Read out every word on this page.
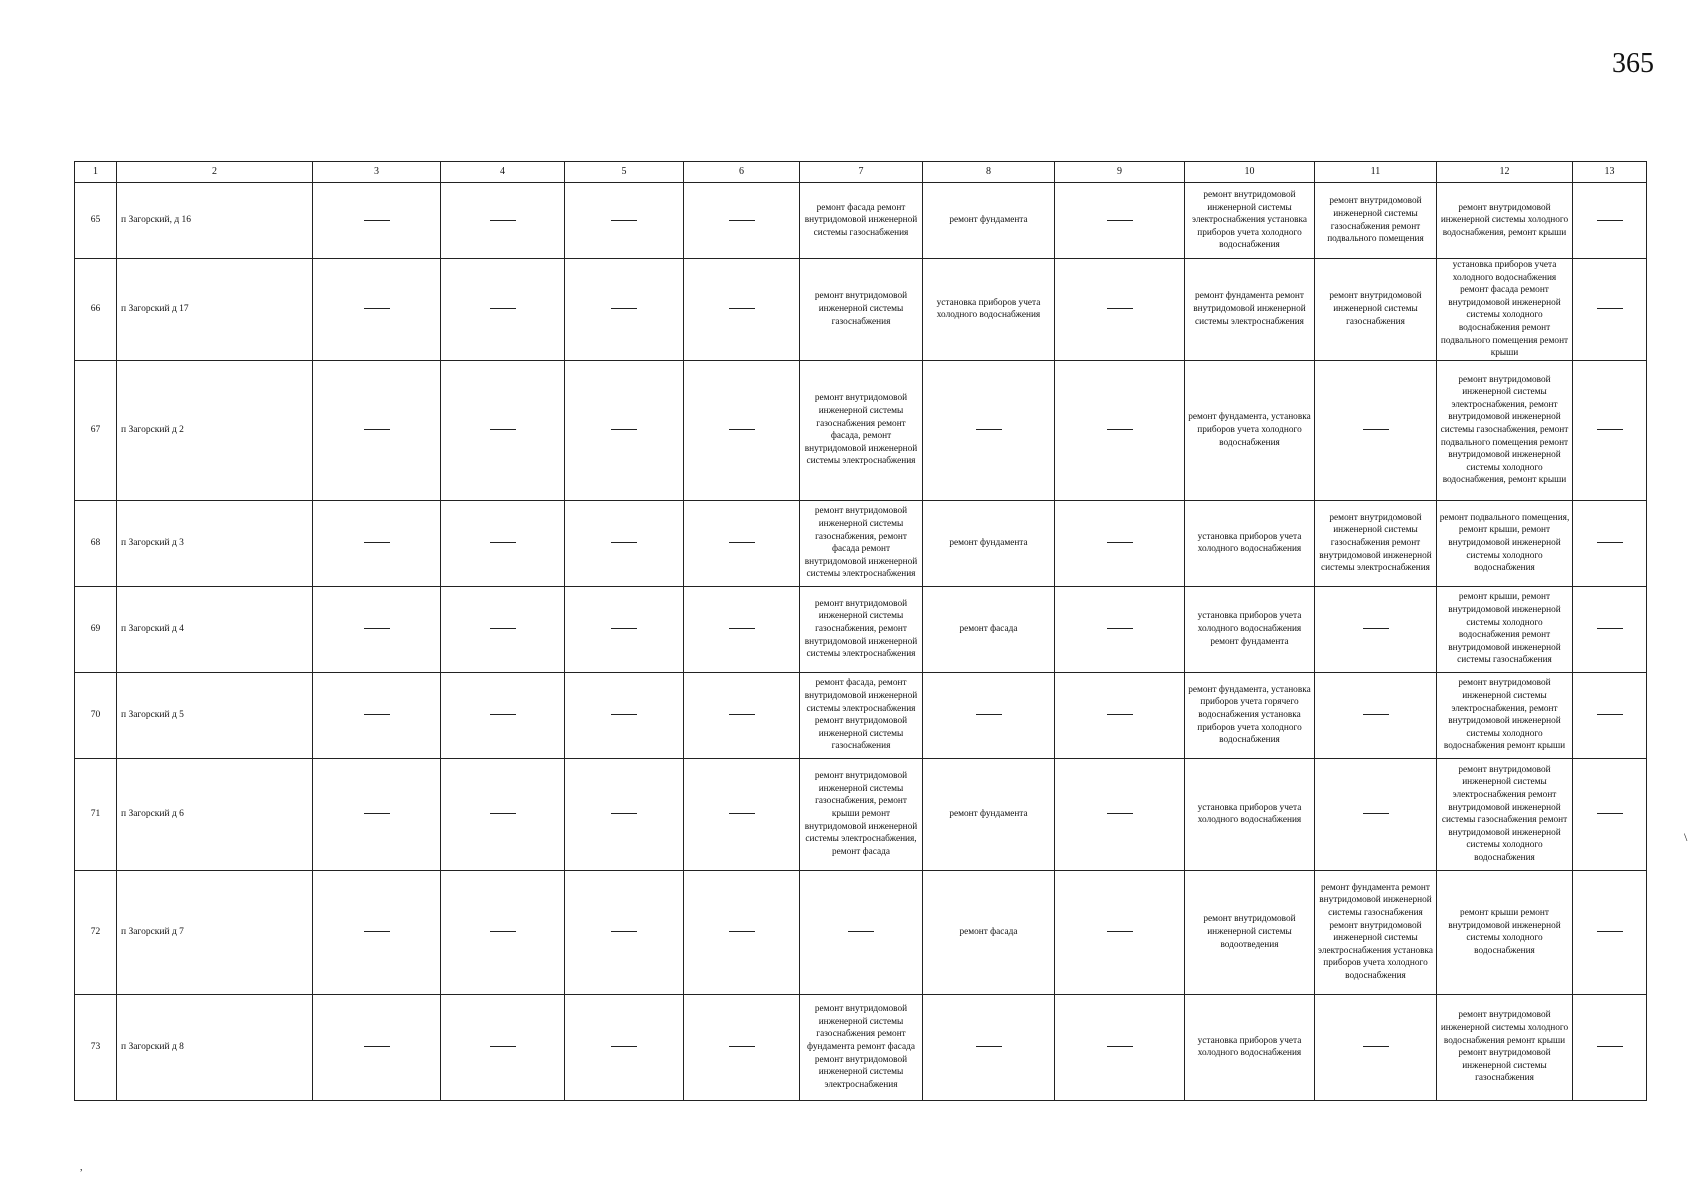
365
1	2	3	4	5	6	7	8	9	10	11	12	13
65	п Загорский, д 16					ремонт фасада ремонт внутридомовой инженерной системы газоснабжения	ремонт фундамента		ремонт внутридомовой инженерной системы электроснабжения установка приборов учета холодного водоснабжения	ремонт внутридомовой инженерной системы газоснабжения ремонт подвального помещения	ремонт внутридомовой инженерной системы холодного водоснабжения, ремонт крыши	
66	п Загорский д 17					ремонт внутридомовой инженерной системы газоснабжения	установка приборов учета холодного водоснабжения		ремонт фундамента ремонт внутридомовой инженерной системы электроснабжения	ремонт внутридомовой инженерной системы газоснабжения	установка приборов учета холодного водоснабжения ремонт фасада ремонт внутридомовой инженерной системы холодного водоснабжения ремонт подвального помещения ремонт крыши	
67	п Загорский д 2					ремонт внутридомовой инженерной системы газоснабжения ремонт фасада, ремонт внутридомовой инженерной системы электроснабжения			ремонт фундамента, установка приборов учета холодного водоснабжения		ремонт внутридомовой инженерной системы электроснабжения, ремонт внутридомовой инженерной системы газоснабжения, ремонт подвального помещения ремонт внутридомовой инженерной системы холодного водоснабжения, ремонт крыши	
68	п Загорский д 3					ремонт внутридомовой инженерной системы газоснабжения, ремонт фасада ремонт внутридомовой инженерной системы электроснабжения	ремонт фундамента		установка приборов учета холодного водоснабжения	ремонт внутридомовой инженерной системы газоснабжения ремонт внутридомовой инженерной системы электроснабжения	ремонт подвального помещения, ремонт крыши, ремонт внутридомовой инженерной системы холодного водоснабжения	
69	п Загорский д 4					ремонт внутридомовой инженерной системы газоснабжения, ремонт внутридомовой инженерной системы электроснабжения	ремонт фасада		установка приборов учета холодного водоснабжения ремонт фундамента		ремонт крыши, ремонт внутридомовой инженерной системы холодного водоснабжения ремонт внутридомовой инженерной системы газоснабжения	
70	п Загорский д 5					ремонт фасада, ремонт внутридомовой инженерной системы электроснабжения ремонт внутридомовой инженерной системы газоснабжения			ремонт фундамента, установка приборов учета горячего водоснабжения установка приборов учета холодного водоснабжения		ремонт внутридомовой инженерной системы электроснабжения, ремонт внутридомовой инженерной системы холодного водоснабжения ремонт крыши	
71	п Загорский д 6					ремонт внутридомовой инженерной системы газоснабжения, ремонт крыши ремонт внутридомовой инженерной системы электроснабжения, ремонт фасада	ремонт фундамента		установка приборов учета холодного водоснабжения		ремонт внутридомовой инженерной системы электроснабжения ремонт внутридомовой инженерной системы газоснабжения ремонт внутридомовой инженерной системы холодного водоснабжения	
72	п Загорский д 7						ремонт фасада		ремонт внутридомовой инженерной системы водоотведения	ремонт фундамента ремонт внутридомовой инженерной системы газоснабжения ремонт внутридомовой инженерной системы электроснабжения установка приборов учета холодного водоснабжения	ремонт крыши ремонт внутридомовой инженерной системы холодного водоснабжения	
73	п Загорский д 8					ремонт внутридомовой инженерной системы газоснабжения ремонт фундамента ремонт фасада ремонт внутридомовой инженерной системы электроснабжения			установка приборов учета холодного водоснабжения		ремонт внутридомовой инженерной системы холодного водоснабжения ремонт крыши ремонт внутридомовой инженерной системы газоснабжения	
,
\
